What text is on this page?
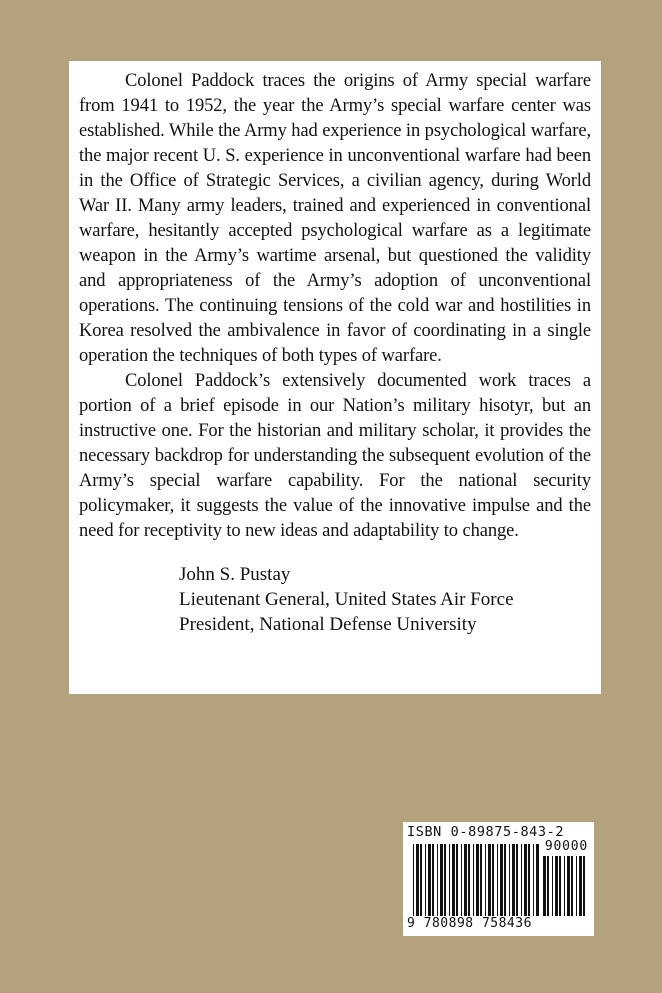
Colonel Paddock traces the origins of Army special warfare from 1941 to 1952, the year the Army’s special warfare center was established. While the Army had experience in psychological warfare, the major recent U. S. experience in unconventional warfare had been in the Office of Strategic Services, a civilian agency, during World War II. Many army leaders, trained and experienced in conventional warfare, hesitantly accepted psychological warfare as a legitimate weapon in the Army’s wartime arsenal, but questioned the validity and appropriateness of the Army’s adoption of unconventional operations. The continuing tensions of the cold war and hostilities in Korea resolved the ambivalence in favor of coordinating in a single operation the techniques of both types of warfare.

Colonel Paddock’s extensively documented work traces a portion of a brief episode in our Nation’s military hisotyr, but an instructive one. For the historian and military scholar, it provides the necessary backdrop for understanding the subsequent evolution of the Army’s special warfare capability. For the national security policymaker, it suggests the value of the innovative impulse and the need for receptivity to new ideas and adaptability to change.

John S. Pustay
Lieutenant General, United States Air Force
President, National Defense University
ISBN 0-89875-843-2
90000
9 780898 758436
